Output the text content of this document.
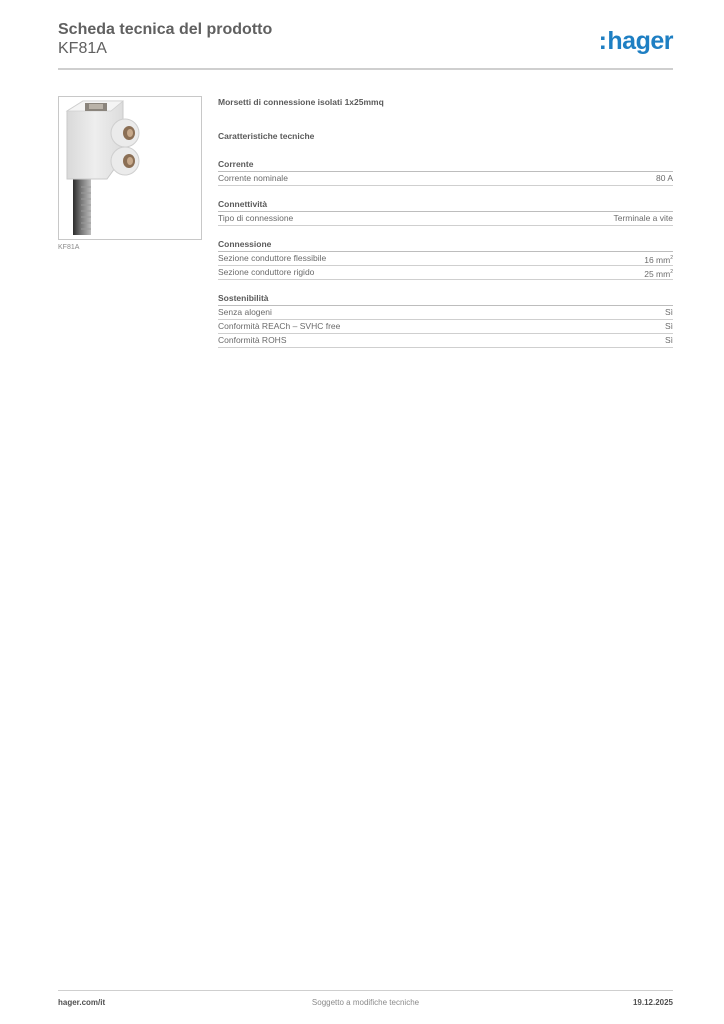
Scheda tecnica del prodotto
KF81A	:hager
KF81A
Morsetti di connessione isolati 1x25mmq
Caratteristiche tecniche
Corrente
Corrente nominale	80 A
Connettività
Tipo di connessione	Terminale a vite
Connessione
Sezione conduttore flessibile	16 $mm^2$
Sezione conduttore rigido	25 $mm^2$
Sostenibilità
Senza alogeni	Sì
Conformità REACh – SVHC free	Sì
Conformità ROHS	Sì
hager.com/it	Soggetto a modifiche tecniche	19.12.2025
